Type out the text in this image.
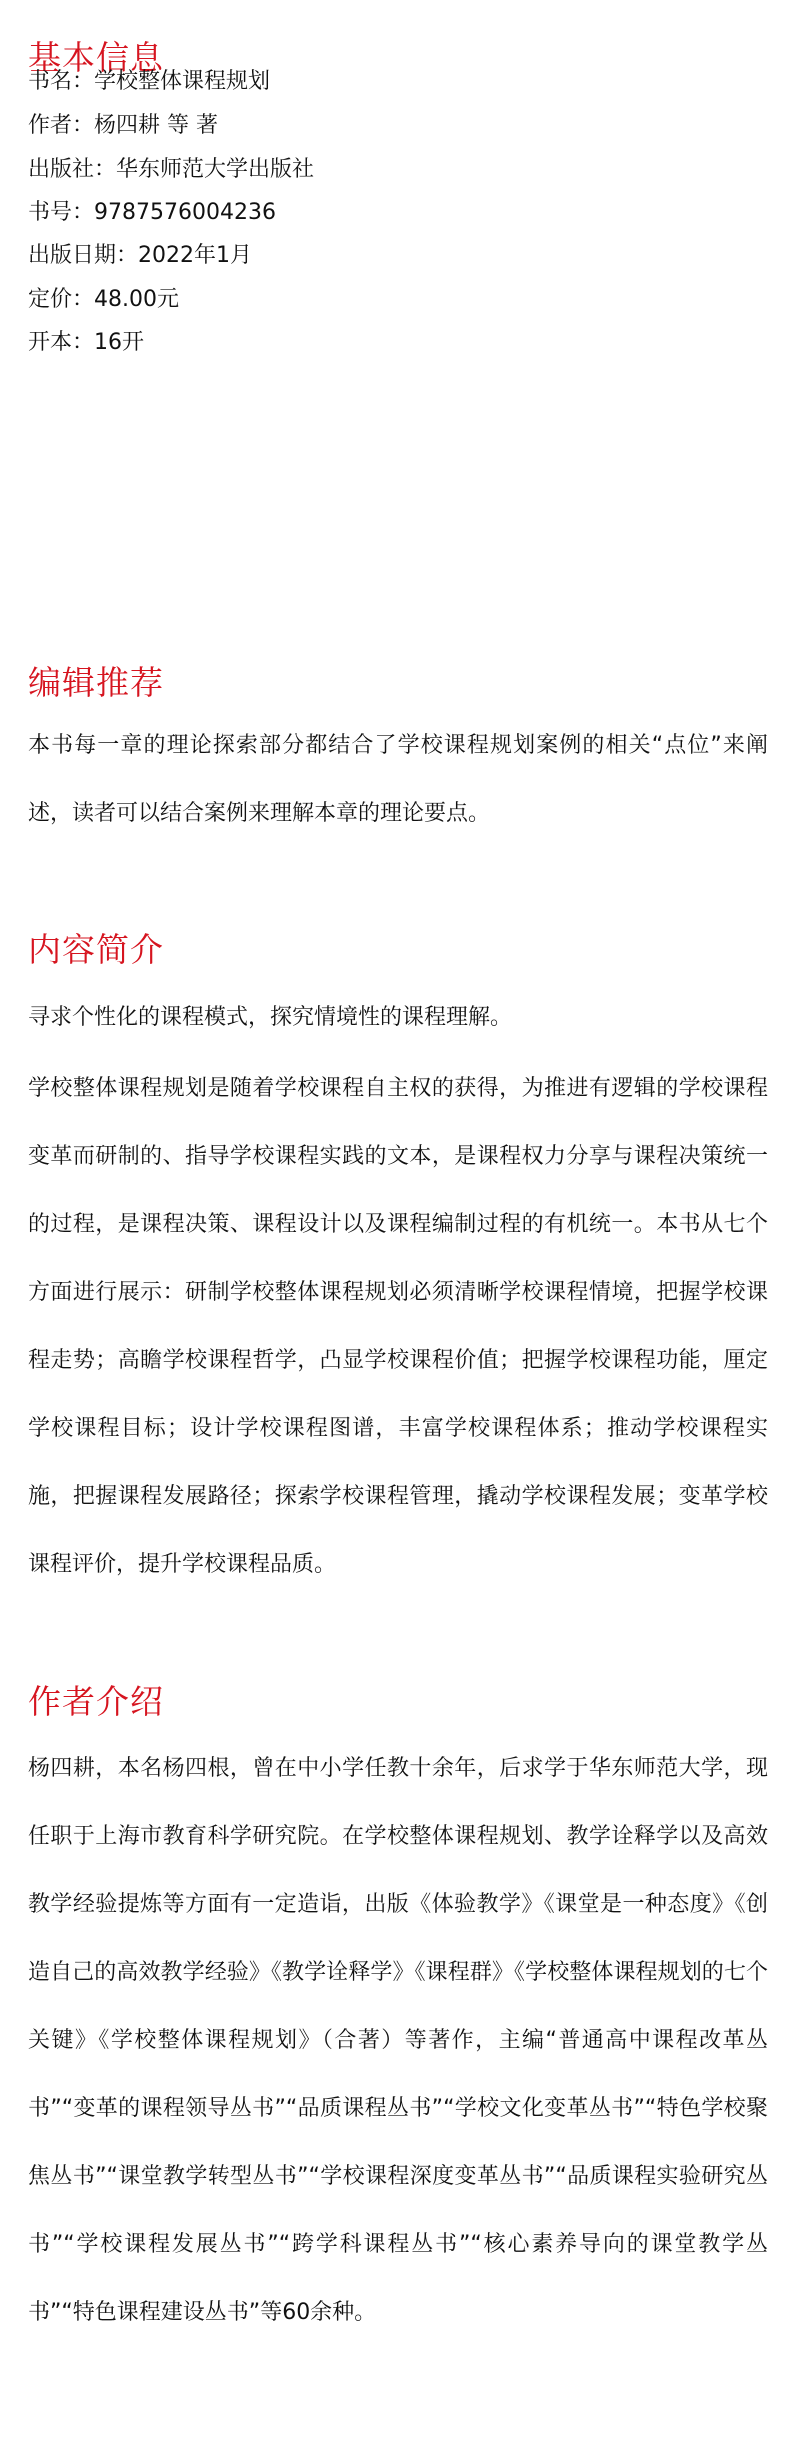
基本信息

书名：学校整体课程规划

作者：杨四耕 等 著

出版社：华东师范大学出版社

书号：9787576004236

出版日期：2022年1月

定价：48.00元

开本：16开

编辑推荐

本书每一章的理论探索部分都结合了学校课程规划案例的相关“点位”来阐述，读者可以结合案例来理解本章的理论要点。

内容简介

寻求个性化的课程模式，探究情境性的课程理解。

学校整体课程规划是随着学校课程自主权的获得，为推进有逻辑的学校课程变革而研制的、指导学校课程实践的文本，是课程权力分享与课程决策统一的过程，是课程决策、课程设计以及课程编制过程的有机统一。本书从七个方面进行展示：研制学校整体课程规划必须清晰学校课程情境，把握学校课程走势；高瞻学校课程哲学，凸显学校课程价值；把握学校课程功能，厘定学校课程目标；设计学校课程图谱，丰富学校课程体系；推动学校课程实施，把握课程发展路径；探索学校课程管理，撬动学校课程发展；变革学校课程评价，提升学校课程品质。

作者介绍

杨四耕，本名杨四根，曾在中小学任教十余年，后求学于华东师范大学，现任职于上海市教育科学研究院。在学校整体课程规划、教学诠释学以及高效教学经验提炼等方面有一定造诣，出版《体验教学》《课堂是一种态度》《创造自己的高效教学经验》《教学诠释学》《课程群》《学校整体课程规划的七个关键》《学校整体课程规划》（合著）等著作，主编“普通高中课程改革丛书”“变革的课程领导丛书”“品质课程丛书”“学校文化变革丛书”“特色学校聚焦丛书”“课堂教学转型丛书”“学校课程深度变革丛书”“品质课程实验研究丛书”“学校课程发展丛书”“跨学科课程丛书”“核心素养导向的课堂教学丛书”“特色课程建设丛书”等60余种。
